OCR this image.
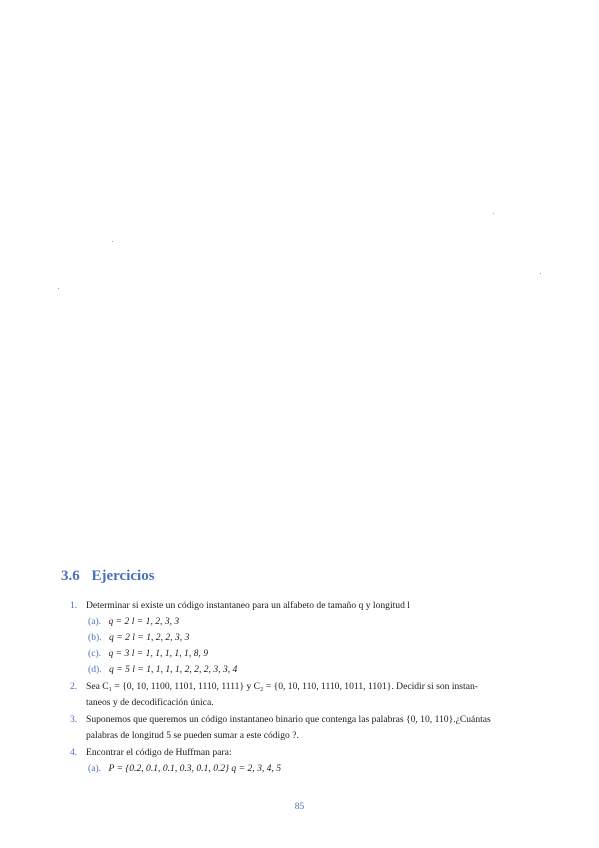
3.6 Ejercicios
1. Determinar si existe un código instantaneo para un alfabeto de tamaño q y longitud l
(a). q = 2 l = 1, 2, 3, 3
(b). q = 2 l = 1, 2, 2, 3, 3
(c). q = 3 l = 1, 1, 1, 1, 1, 8, 9
(d). q = 5 l = 1, 1, 1, 1, 2, 2, 2, 3, 3, 4
2. Sea C₁ = {0, 10, 1100, 1101, 1110, 1111} y C₂ = {0, 10, 110, 1110, 1011, 1101}. Decidir si son instan-
taneos y de decodificación única.
3. Suponemos que queremos un código instantaneo binario que contenga las palabras {0, 10, 110}.¿Cuántas
palabras de longitud 5 se pueden sumar a este código ?.
4. Encontrar el código de Huffman para:
(a). P = {0.2, 0.1, 0.1, 0.3, 0.1, 0.2} q = 2, 3, 4, 5
85
